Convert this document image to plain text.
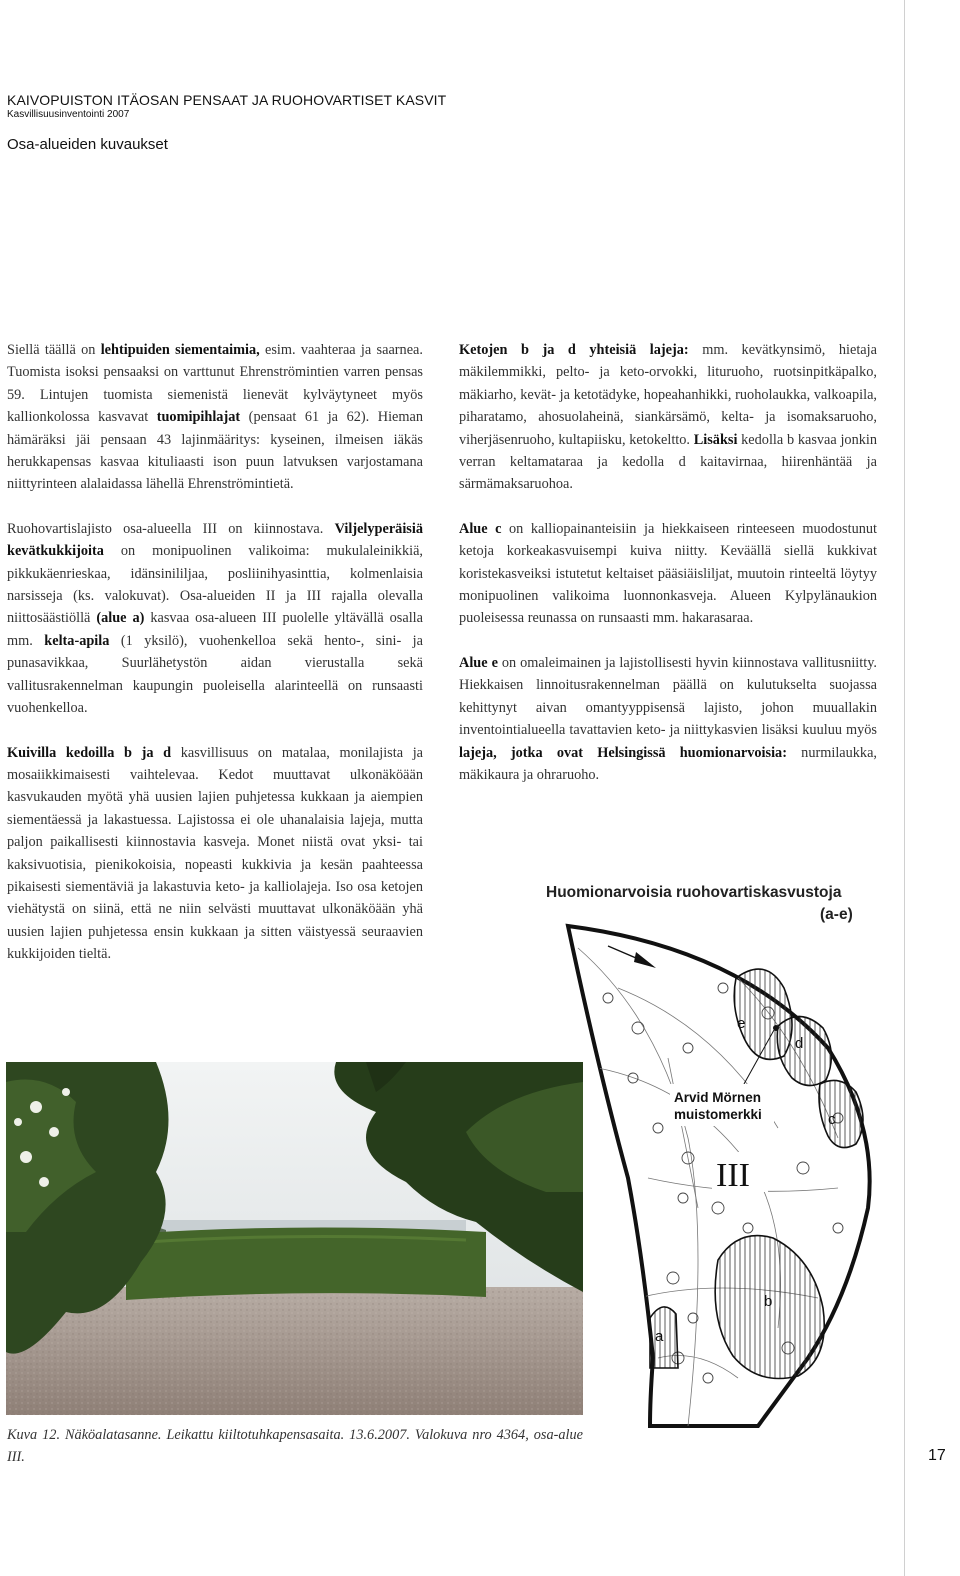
KAIVOPUISTON ITÄOSAN PENSAAT JA RUOHOVARTISET KASVIT
Kasvillisuusinventointi 2007
Osa-alueiden kuvaukset

Siellä täällä on lehtipuiden siementaimia, esim. vaahteraa ja saarnea. Tuomista isoksi pensaaksi on varttunut Ehrenströmintien varren pensas 59. Lintujen tuomista siemenistä lienevät kylväytyneet myös kallionkolossa kasvavat tuomipihlajat (pensaat 61 ja 62). Hieman hämäräksi jäi pensaan 43 lajinmääritys: kyseinen, ilmeisen iäkäs herukkapensas kasvaa kituliaasti ison puun latvuksen varjostamana niittyrinteen alalaidassa lähellä Ehrenströmintietä.

Ruohovartislajisto osa-alueella III on kiinnostava. Viljelyperäisiä kevätkukkijoita on monipuolinen valikoima: mukulaleinikkiä, pikkukäenrieskaa, idänsinililjaa, posliinihyasinttia, kolmenlaisia narsisseja (ks. valokuvat). Osa-alueiden II ja III rajalla olevalla niittosäästiöllä (alue a) kasvaa osa-alueen III puolelle yltävällä osalla mm. kelta-apila (1 yksilö), vuohenkelloa sekä hento-, sini- ja punasavikkaa, Suurlähetystön aidan vierustalla sekä vallitusrakennelman kaupungin puoleisella alarinteellä on runsaasti vuohenkelloa.

Kuivilla kedoilla b ja d kasvillisuus on matalaa, monilajista ja mosaiikkimaisesti vaihtelevaa. Kedot muuttavat ulkonäköään kasvukauden myötä yhä uusien lajien puhjetessa kukkaan ja aiempien siementäessä ja lakastuessa. Lajistossa ei ole uhanalaisia lajeja, mutta paljon paikallisesti kiinnostavia kasveja. Monet niistä ovat yksi- tai kaksivuotisia, pienikokoisia, nopeasti kukkivia ja kesän paahteessa pikaisesti siementäviä ja lakastuvia keto- ja kalliolajeja. Iso osa ketojen viehätystä on siinä, että ne niin selvästi muuttavat ulkonäköään yhä uusien lajien puhjetessa ensin kukkaan ja sitten väistyessä seuraavien kukkijoiden tieltä.

Ketojen b ja d yhteisiä lajeja: mm. kevätkynsimö, hietaja mäkilemmikki, pelto- ja keto-orvokki, lituruoho, ruotsinpitkäpalko, mäkiarho, kevät- ja ketotädyke, hopeahanhikki, ruoholaukka, valkoapila, piharatamo, ahosuolaheinä, siankärsämö, kelta- ja isomaksaruoho, viherjäsenruoho, kultapiisku, ketokeltto. Lisäksi kedolla b kasvaa jonkin verran keltamataraa ja kedolla d kaitavirnaa, hiirenhäntää ja särmämaksaruohoa.

Alue c on kalliopainanteisiin ja hiekkaiseen rinteeseen muodostunut ketoja korkeakasvuisempi kuiva niitty. Keväällä siellä kukkivat koristekasveiksi istutetut keltaiset pääsiäisliljat, muutoin rinteeltä löytyy monipuolinen valikoima luonnonkasveja. Alueen Kylpylänaukion puoleisessa reunassa on runsaasti mm. hakarasaraa.

Alue e on omaleimainen ja lajistollisesti hyvin kiinnostava vallitusniitty. Hiekkaisen linnoitusrakennelman päällä on kulutukselta suojassa kehittynyt aivan omantyyppisensä lajisto, johon muuallakin inventointialueella tavattavien keto- ja niittykasvien lisäksi kuuluu myös lajeja, jotka ovat Helsingissä huomionarvoisia: nurmilaukka, mäkikaura ja ohraruoho.

Kuva 12. Näköalatasanne. Leikattu kiiltotuhkapensasaita. 13.6.2007. Valokuva nro 4364, osa-alue III.
Huomionarvoisia ruohovartiskasvustoja
(a-e)
e
d
c
b
a
Arvid Mörnen
muistomerkki
III
17
